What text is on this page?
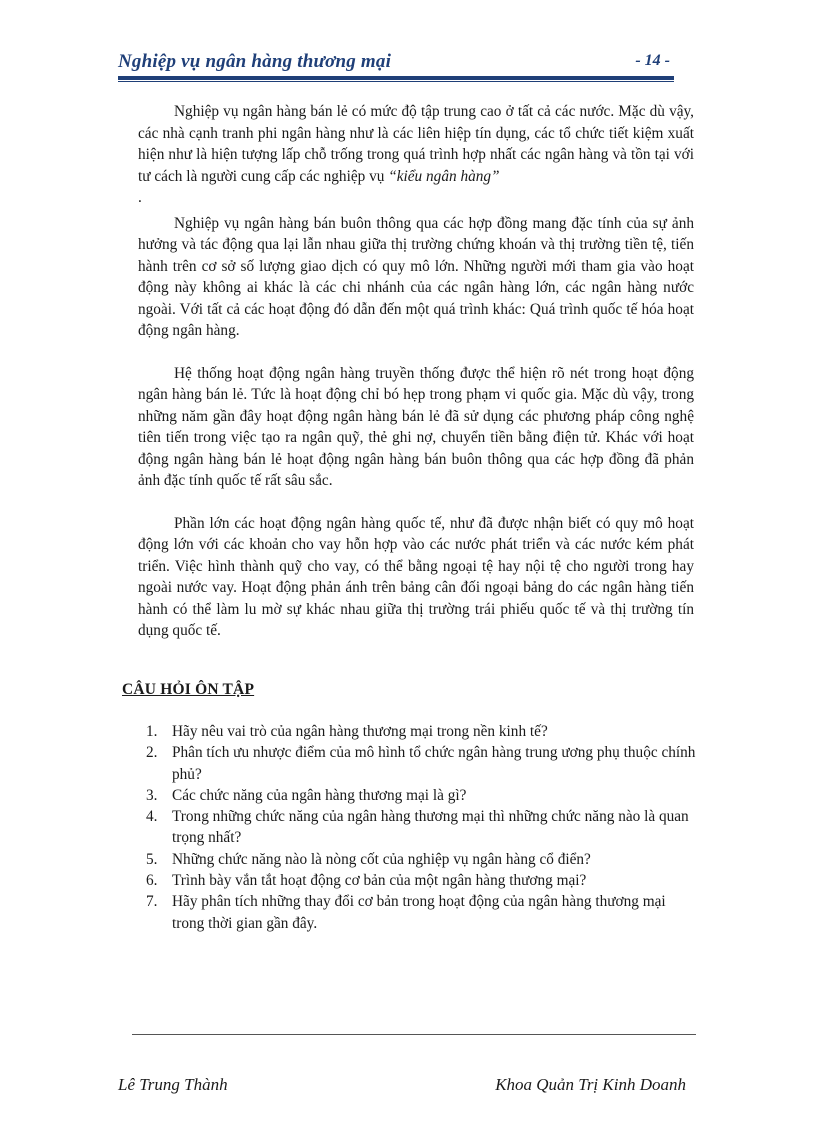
Nghiệp vụ ngân hàng thương mại	- 14 -

Nghiệp vụ ngân hàng bán lẻ có mức độ tập trung cao ở tất cả các nước. Mặc dù vậy, các nhà cạnh tranh phi ngân hàng như là các liên hiệp tín dụng, các tổ chức tiết kiệm xuất hiện như là hiện tượng lấp chỗ trống trong quá trình hợp nhất các ngân hàng và tồn tại với tư cách là người cung cấp các nghiệp vụ “kiểu ngân hàng”

.

Nghiệp vụ ngân hàng bán buôn thông qua các hợp đồng mang đặc tính của sự ảnh hưởng và tác động qua lại lẫn nhau giữa thị trường chứng khoán và thị trường tiền tệ, tiến hành trên cơ sở số lượng giao dịch có quy mô lớn. Những người mới tham gia vào hoạt động này không ai khác là các chi nhánh của các ngân hàng lớn, các ngân hàng nước ngoài. Với tất cả các hoạt động đó dẫn đến một quá trình khác: Quá trình quốc tế hóa hoạt động ngân hàng.

Hệ thống hoạt động ngân hàng truyền thống được thể hiện rõ nét trong hoạt động ngân hàng bán lẻ. Tức là hoạt động chỉ bó hẹp trong phạm vi quốc gia. Mặc dù vậy, trong những năm gần đây hoạt động ngân hàng bán lẻ đã sử dụng các phương pháp công nghệ tiên tiến trong việc tạo ra ngân quỹ, thẻ ghi nợ, chuyển tiền bằng điện tử. Khác với hoạt động ngân hàng bán lẻ hoạt động ngân hàng bán buôn thông qua các hợp đồng đã phản ảnh đặc tính quốc tế rất sâu sắc.

Phần lớn các hoạt động ngân hàng quốc tế, như đã được nhận biết có quy mô hoạt động lớn với các khoản cho vay hỗn hợp vào các nước phát triển và các nước kém phát triển. Việc hình thành quỹ cho vay, có thể bằng ngoại tệ hay nội tệ cho người trong hay ngoài nước vay. Hoạt động phản ánh trên bảng cân đối ngoại bảng do các ngân hàng tiến hành có thể làm lu mờ sự khác nhau giữa thị trường trái phiếu quốc tế và thị trường tín dụng quốc tế.

CÂU HỎI ÔN TẬP
1. Hãy nêu vai trò của ngân hàng thương mại trong nền kinh tế?
2. Phân tích ưu nhược điểm của mô hình tổ chức ngân hàng trung ương phụ thuộc chính phủ?
3. Các chức năng của ngân hàng thương mại là gì?
4. Trong những chức năng của ngân hàng thương mại thì những chức năng nào là quan trọng nhất?
5. Những chức năng nào là nòng cốt của nghiệp vụ ngân hàng cổ điển?
6. Trình bày vắn tắt hoạt động cơ bản của một ngân hàng thương mại?
7. Hãy phân tích những thay đổi cơ bản trong hoạt động của ngân hàng thương mại trong thời gian gần đây.
Lê Trung Thành	Khoa Quản Trị Kinh Doanh
